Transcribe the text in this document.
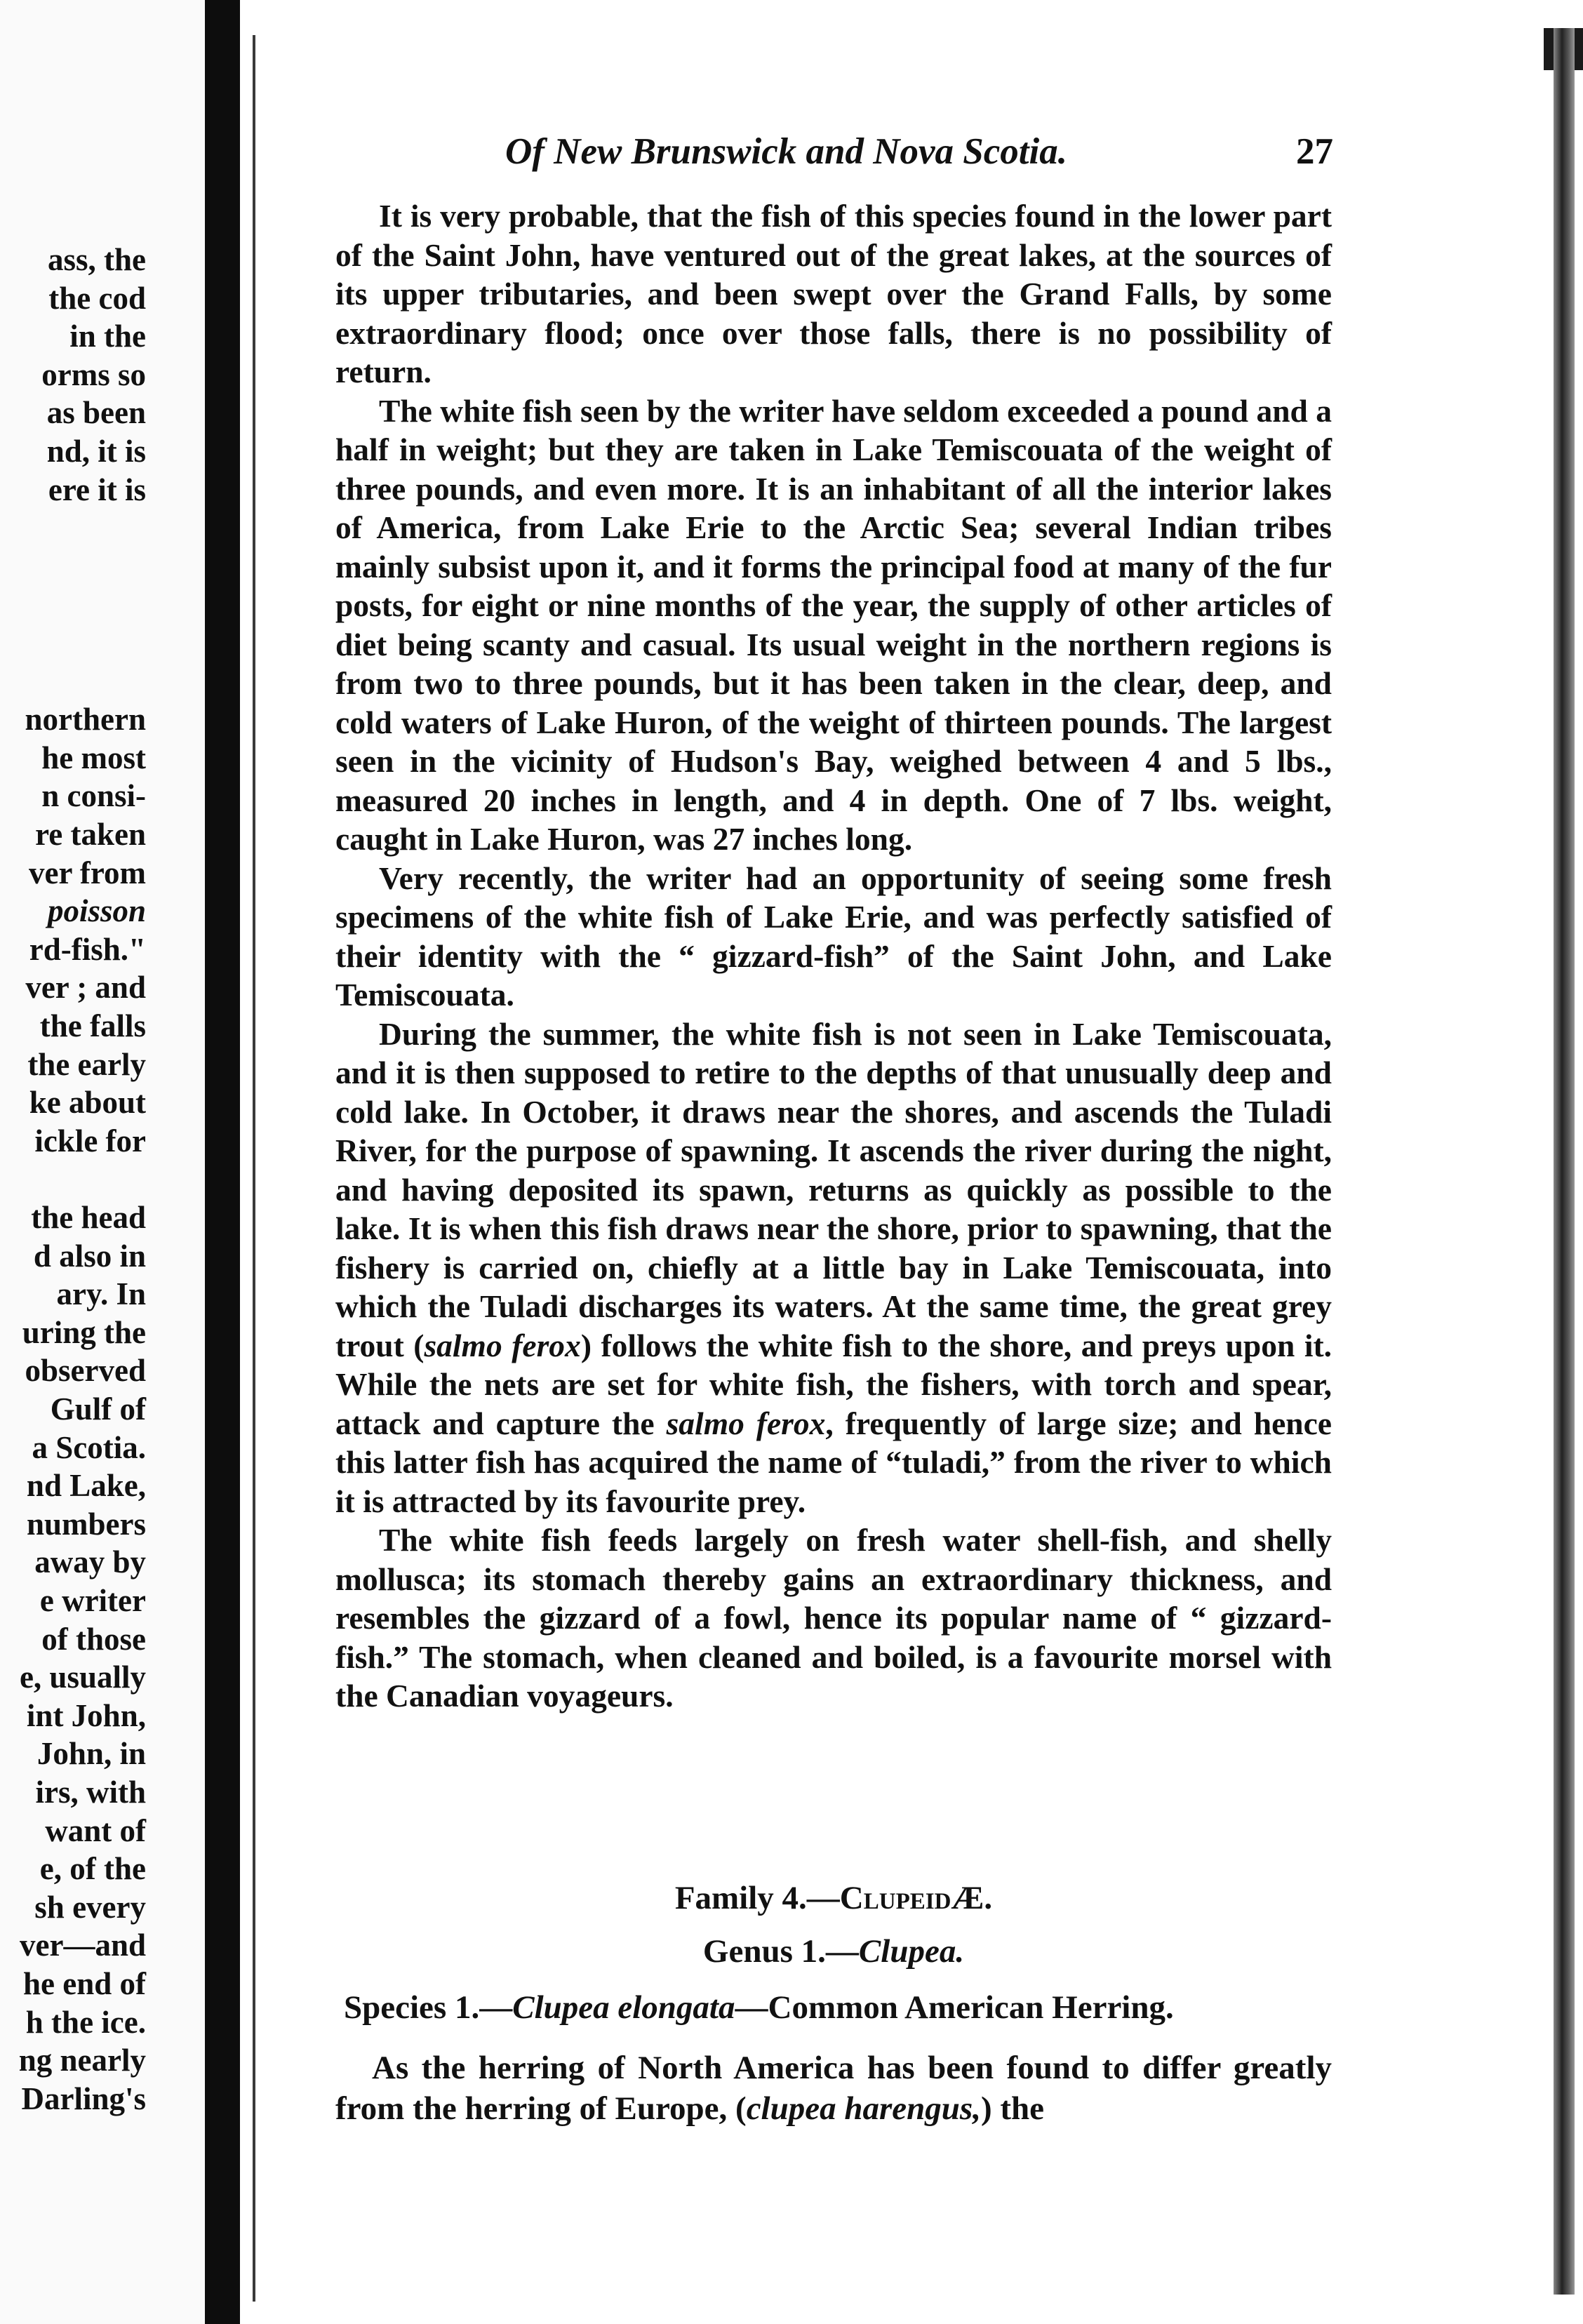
ass, the
the cod
in the
orms so
as been
nd, it is
ere it is
northern
he most
n consi-
re taken
ver from
poisson
rd-fish."
ver ; and
the falls
the early
ke about
ickle for
the head
d also in
ary. In
uring the
observed
Gulf of
a Scotia.
nd Lake,
numbers
away by
e writer
of those
e, usually
int John,
John, in
irs, with
want of
e, of the
sh every
ver—and
he end of
h the ice.
ng nearly
Darling's
Of New Brunswick and Nova Scotia.	27

It is very probable, that the fish of this species found in the lower part of the Saint John, have ventured out of the great lakes, at the sources of its upper tributaries, and been swept over the Grand Falls, by some extraordinary flood; once over those falls, there is no possibility of return.

The white fish seen by the writer have seldom exceeded a pound and a half in weight; but they are taken in Lake Temiscouata of the weight of three pounds, and even more. It is an inhabitant of all the interior lakes of America, from Lake Erie to the Arctic Sea; several Indian tribes mainly subsist upon it, and it forms the principal food at many of the fur posts, for eight or nine months of the year, the supply of other articles of diet being scanty and casual. Its usual weight in the northern regions is from two to three pounds, but it has been taken in the clear, deep, and cold waters of Lake Huron, of the weight of thirteen pounds. The largest seen in the vicinity of Hudson's Bay, weighed between 4 and 5 lbs., measured 20 inches in length, and 4 in depth. One of 7 lbs. weight, caught in Lake Huron, was 27 inches long.

Very recently, the writer had an opportunity of seeing some fresh specimens of the white fish of Lake Erie, and was perfectly satisfied of their identity with the “ gizzard-fish” of the Saint John, and Lake Temiscouata.

During the summer, the white fish is not seen in Lake Temiscouata, and it is then supposed to retire to the depths of that unusually deep and cold lake. In October, it draws near the shores, and ascends the Tuladi River, for the purpose of spawning. It ascends the river during the night, and having deposited its spawn, returns as quickly as possible to the lake. It is when this fish draws near the shore, prior to spawning, that the fishery is carried on, chiefly at a little bay in Lake Temiscouata, into which the Tuladi discharges its waters. At the same time, the great grey trout (salmo ferox) follows the white fish to the shore, and preys upon it. While the nets are set for white fish, the fishers, with torch and spear, attack and capture the salmo ferox, frequently of large size; and hence this latter fish has acquired the name of “tuladi,” from the river to which it is attracted by its favourite prey.

The white fish feeds largely on fresh water shell-fish, and shelly mollusca; its stomach thereby gains an extraordinary thickness, and resembles the gizzard of a fowl, hence its popular name of “ gizzard-fish.” The stomach, when cleaned and boiled, is a favourite morsel with the Canadian voyageurs.

Family 4.—ClupeidÆ.
Genus 1.—Clupea.
Species 1.—Clupea elongata—Common American Herring.

As the herring of North America has been found to differ greatly from the herring of Europe, (clupea harengus,) the
